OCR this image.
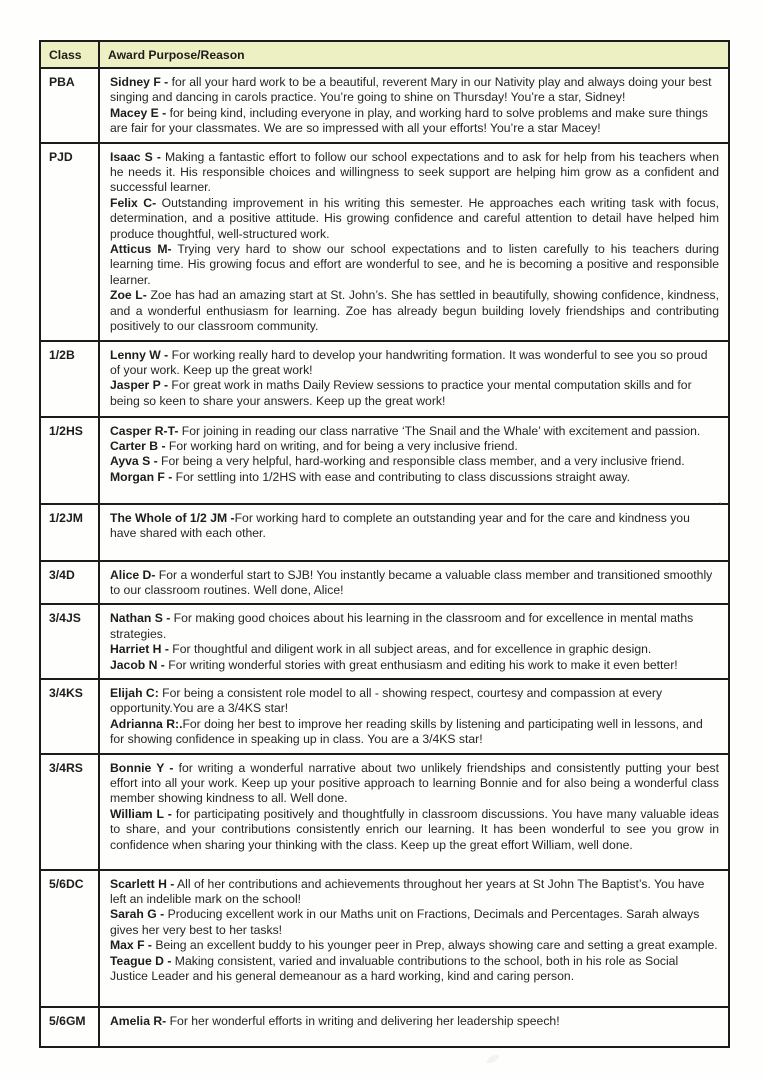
Class	Award Purpose/Reason
PBA	Sidney F - for all your hard work to be a beautiful, reverent Mary in our Nativity play and always doing your best singing and dancing in carols practice. You’re going to shine on Thursday! You’re a star, Sidney!
Macey E - for being kind, including everyone in play, and working hard to solve problems and make sure things are fair for your classmates. We are so impressed with all your efforts! You’re a star Macey!

PJD	Isaac S - Making a fantastic effort to follow our school expectations and to ask for help from his teachers when he needs it. His responsible choices and willingness to seek support are helping him grow as a confident and successful learner.
Felix C- Outstanding improvement in his writing this semester. He approaches each writing task with focus, determination, and a positive attitude. His growing confidence and careful attention to detail have helped him produce thoughtful, well-structured work.
Atticus M- Trying very hard to show our school expectations and to listen carefully to his teachers during learning time. His growing focus and effort are wonderful to see, and he is becoming a positive and responsible learner.
Zoe L- Zoe has had an amazing start at St. John’s. She has settled in beautifully, showing confidence, kindness, and a wonderful enthusiasm for learning. Zoe has already begun building lovely friendships and contributing positively to our classroom community.

1/2B	Lenny W - For working really hard to develop your handwriting formation. It was wonderful to see you so proud of your work. Keep up the great work!
Jasper P - For great work in maths Daily Review sessions to practice your mental computation skills and for being so keen to share your answers. Keep up the great work!

1/2HS	Casper R-T- For joining in reading our class narrative ‘The Snail and the Whale’ with excitement and passion.
Carter B - For working hard on writing, and for being a very inclusive friend.
Ayva S - For being a very helpful, hard-working and responsible class member, and a very inclusive friend.
Morgan F - For settling into 1/2HS with ease and contributing to class discussions straight away.

1/2JM	The Whole of 1/2 JM -For working hard to complete an outstanding year and for the care and kindness you have shared with each other.

3/4D	Alice D- For a wonderful start to SJB! You instantly became a valuable class member and transitioned smoothly to our classroom routines. Well done, Alice!

3/4JS	Nathan S - For making good choices about his learning in the classroom and for excellence in mental maths strategies.
Harriet H - For thoughtful and diligent work in all subject areas, and for excellence in graphic design.
Jacob N - For writing wonderful stories with great enthusiasm and editing his work to make it even better!

3/4KS	Elijah C: For being a consistent role model to all - showing respect, courtesy and compassion at every opportunity.You are a 3/4KS star!
Adrianna R:.For doing her best to improve her reading skills by listening and participating well in lessons, and for showing confidence in speaking up in class. You are a 3/4KS star!

3/4RS	Bonnie Y - for writing a wonderful narrative about two unlikely friendships and consistently putting your best effort into all your work. Keep up your positive approach to learning Bonnie and for also being a wonderful class member showing kindness to all. Well done.
William L - for participating positively and thoughtfully in classroom discussions. You have many valuable ideas to share, and your contributions consistently enrich our learning. It has been wonderful to see you grow in confidence when sharing your thinking with the class. Keep up the great effort William, well done.

5/6DC	Scarlett H - All of her contributions and achievements throughout her years at St John The Baptist’s. You have left an indelible mark on the school!
Sarah G - Producing excellent work in our Maths unit on Fractions, Decimals and Percentages. Sarah always gives her very best to her tasks!
Max F - Being an excellent buddy to his younger peer in Prep, always showing care and setting a great example.
Teague D - Making consistent, varied and invaluable contributions to the school, both in his role as Social Justice Leader and his general demeanour as a hard working, kind and caring person.

5/6GM	Amelia R- For her wonderful efforts in writing and delivering her leadership speech!
’
